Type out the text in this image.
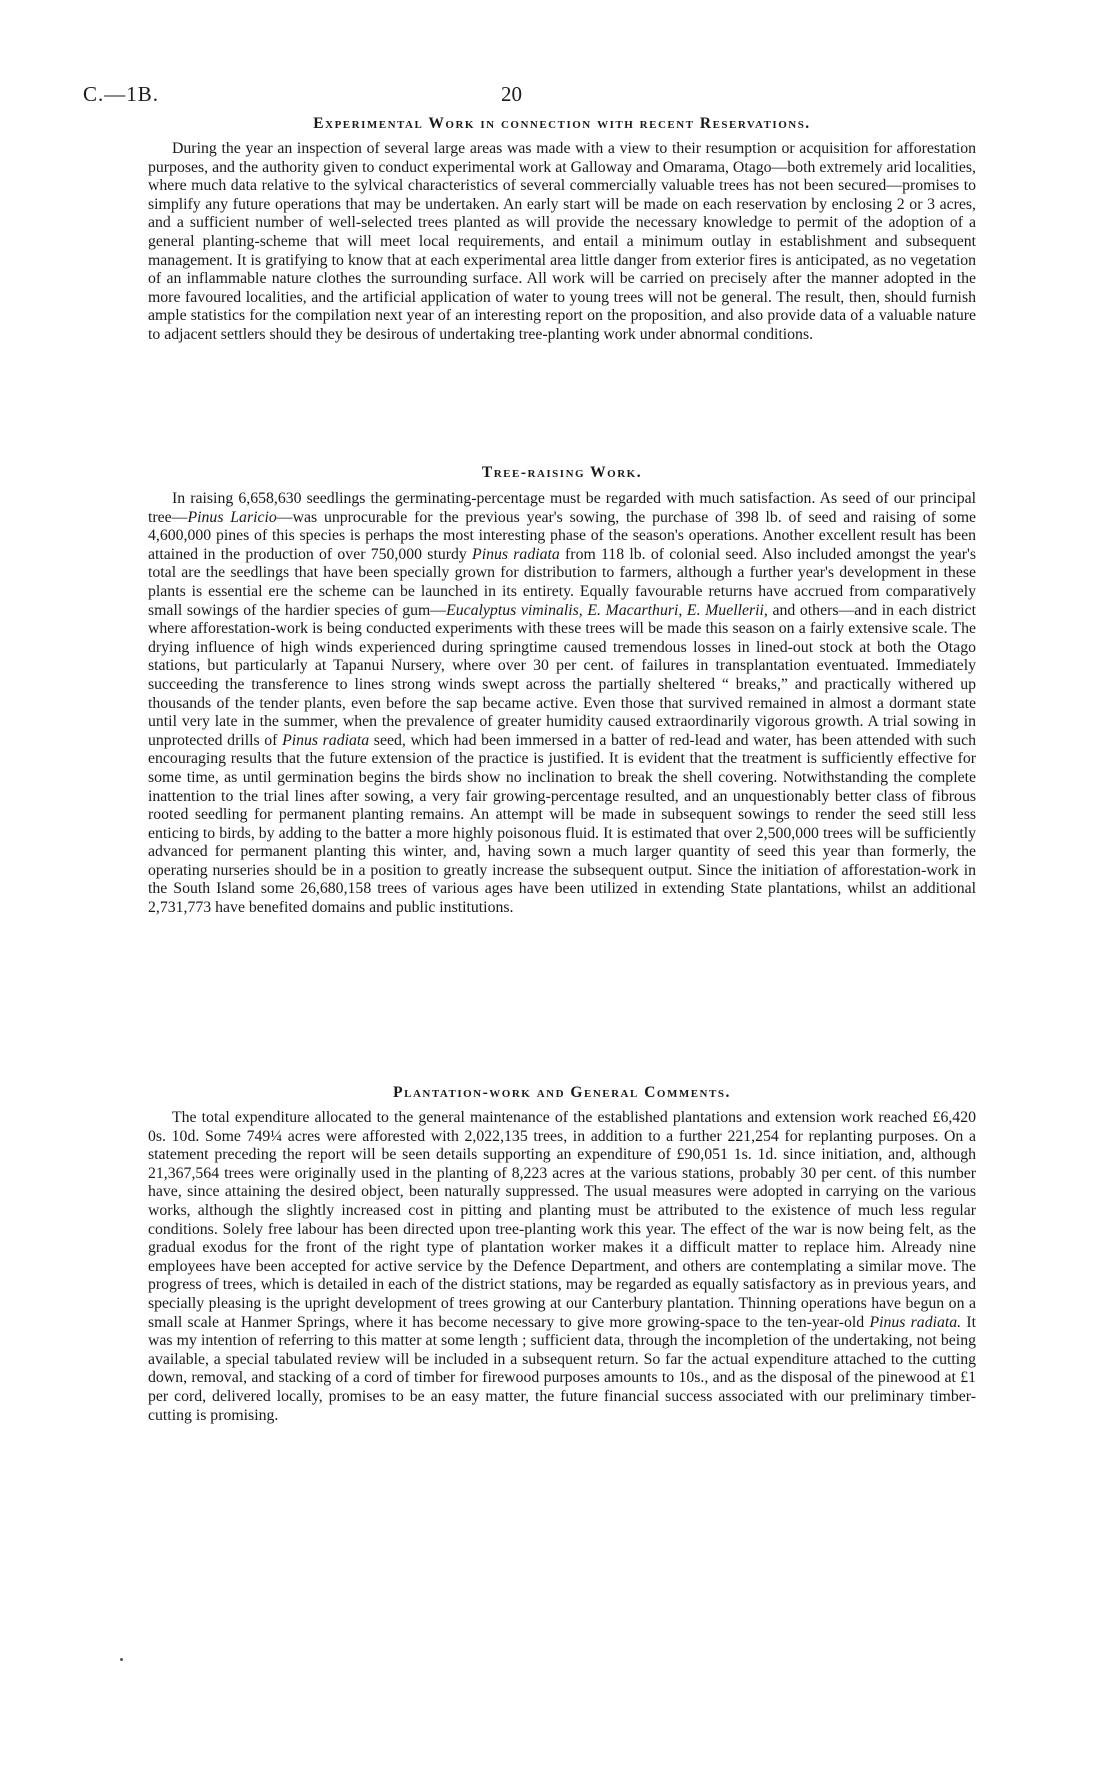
C.—1B.	20
Experimental Work in connection with recent Reservations.

During the year an inspection of several large areas was made with a view to their resumption or acquisition for afforestation purposes, and the authority given to conduct experimental work at Galloway and Omarama, Otago—both extremely arid localities, where much data relative to the sylvical characteristics of several commercially valuable trees has not been secured—promises to simplify any future operations that may be undertaken. An early start will be made on each reservation by enclosing 2 or 3 acres, and a sufficient number of well-selected trees planted as will provide the necessary knowledge to permit of the adoption of a general planting-scheme that will meet local requirements, and entail a minimum outlay in establishment and subsequent management. It is gratifying to know that at each experimental area little danger from exterior fires is anticipated, as no vegetation of an inflammable nature clothes the surrounding surface. All work will be carried on precisely after the manner adopted in the more favoured localities, and the artificial application of water to young trees will not be general. The result, then, should furnish ample statistics for the compilation next year of an interesting report on the proposition, and also provide data of a valuable nature to adjacent settlers should they be desirous of undertaking tree-planting work under abnormal conditions.

Tree-raising Work.

In raising 6,658,630 seedlings the germinating-percentage must be regarded with much satisfaction. As seed of our principal tree—Pinus Laricio—was unprocurable for the previous year's sowing, the purchase of 398 lb. of seed and raising of some 4,600,000 pines of this species is perhaps the most interesting phase of the season's operations. Another excellent result has been attained in the production of over 750,000 sturdy Pinus radiata from 118 lb. of colonial seed. Also included amongst the year's total are the seedlings that have been specially grown for distribution to farmers, although a further year's development in these plants is essential ere the scheme can be launched in its entirety. Equally favourable returns have accrued from comparatively small sowings of the hardier species of gum—Eucalyptus viminalis, E. Macarthuri, E. Muellerii, and others—and in each district where afforestation-work is being conducted experiments with these trees will be made this season on a fairly extensive scale. The drying influence of high winds experienced during springtime caused tremendous losses in lined-out stock at both the Otago stations, but particularly at Tapanui Nursery, where over 30 per cent. of failures in transplantation eventuated. Immediately succeeding the transference to lines strong winds swept across the partially sheltered “ breaks,” and practically withered up thousands of the tender plants, even before the sap became active. Even those that survived remained in almost a dormant state until very late in the summer, when the prevalence of greater humidity caused extraordinarily vigorous growth. A trial sowing in unprotected drills of Pinus radiata seed, which had been immersed in a batter of red-lead and water, has been attended with such encouraging results that the future extension of the practice is justified. It is evident that the treatment is sufficiently effective for some time, as until germination begins the birds show no inclination to break the shell covering. Notwithstanding the complete inattention to the trial lines after sowing, a very fair growing-percentage resulted, and an unquestionably better class of fibrous rooted seedling for permanent planting remains. An attempt will be made in subsequent sowings to render the seed still less enticing to birds, by adding to the batter a more highly poisonous fluid. It is estimated that over 2,500,000 trees will be sufficiently advanced for permanent planting this winter, and, having sown a much larger quantity of seed this year than formerly, the operating nurseries should be in a position to greatly increase the subsequent output. Since the initiation of afforestation-work in the South Island some 26,680,158 trees of various ages have been utilized in extending State plantations, whilst an additional 2,731,773 have benefited domains and public institutions.

Plantation-work and General Comments.

The total expenditure allocated to the general maintenance of the established plantations and extension work reached £6,420 0s. 10d. Some 749¼ acres were afforested with 2,022,135 trees, in addition to a further 221,254 for replanting purposes. On a statement preceding the report will be seen details supporting an expenditure of £90,051 1s. 1d. since initiation, and, although 21,367,564 trees were originally used in the planting of 8,223 acres at the various stations, probably 30 per cent. of this number have, since attaining the desired object, been naturally suppressed. The usual measures were adopted in carrying on the various works, although the slightly increased cost in pitting and planting must be attributed to the existence of much less regular conditions. Solely free labour has been directed upon tree-planting work this year. The effect of the war is now being felt, as the gradual exodus for the front of the right type of plantation worker makes it a difficult matter to replace him. Already nine employees have been accepted for active service by the Defence Department, and others are contemplating a similar move. The progress of trees, which is detailed in each of the district stations, may be regarded as equally satisfactory as in previous years, and specially pleasing is the upright development of trees growing at our Canterbury plantation. Thinning operations have begun on a small scale at Hanmer Springs, where it has become necessary to give more growing-space to the ten-year-old Pinus radiata. It was my intention of referring to this matter at some length ; sufficient data, through the incompletion of the undertaking, not being available, a special tabulated review will be included in a subsequent return. So far the actual expenditure attached to the cutting down, removal, and stacking of a cord of timber for firewood purposes amounts to 10s., and as the disposal of the pinewood at £1 per cord, delivered locally, promises to be an easy matter, the future financial success associated with our preliminary timber-cutting is promising.
